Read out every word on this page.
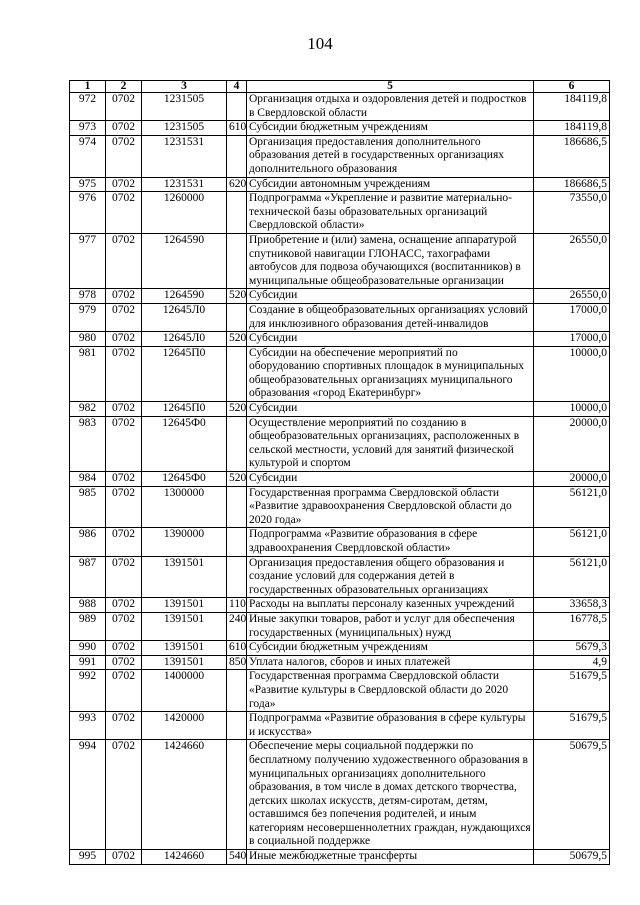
104
1	2	3	4	5	6
972	0702	1231505		Организация отдыха и оздоровления детей и подростков в Свердловской области	184119,8
973	0702	1231505	610	Субсидии бюджетным учреждениям	184119,8
974	0702	1231531		Организация предоставления дополнительного образования детей в государственных организациях дополнительного образования	186686,5
975	0702	1231531	620	Субсидии автономным учреждениям	186686,5
976	0702	1260000		Подпрограмма «Укрепление и развитие материально-технической базы образовательных организаций Свердловской области»	73550,0
977	0702	1264590		Приобретение и (или) замена, оснащение аппаратурой спутниковой навигации ГЛОНАСС, тахографами автобусов для подвоза обучающихся (воспитанников) в муниципальные общеобразовательные организации	26550,0
978	0702	1264590	520	Субсидии	26550,0
979	0702	12645Л0		Создание в общеобразовательных организациях условий для инклюзивного образования детей-инвалидов	17000,0
980	0702	12645Л0	520	Субсидии	17000,0
981	0702	12645П0		Субсидии на обеспечение мероприятий по оборудованию спортивных площадок в муниципальных общеобразовательных организациях муниципального образования «город Екатеринбург»	10000,0
982	0702	12645П0	520	Субсидии	10000,0
983	0702	12645Ф0		Осуществление мероприятий по созданию в общеобразовательных организациях, расположенных в сельской местности, условий для занятий физической культурой и спортом	20000,0
984	0702	12645Ф0	520	Субсидии	20000,0
985	0702	1300000		Государственная программа Свердловской области «Развитие здравоохранения Свердловской области до 2020 года»	56121,0
986	0702	1390000		Подпрограмма «Развитие образования в сфере здравоохранения Свердловской области»	56121,0
987	0702	1391501		Организация предоставления общего образования и создание условий для содержания детей в государственных образовательных организациях	56121,0
988	0702	1391501	110	Расходы на выплаты персоналу казенных учреждений	33658,3
989	0702	1391501	240	Иные закупки товаров, работ и услуг для обеспечения государственных (муниципальных) нужд	16778,5
990	0702	1391501	610	Субсидии бюджетным учреждениям	5679,3
991	0702	1391501	850	Уплата налогов, сборов и иных платежей	4,9
992	0702	1400000		Государственная программа Свердловской области «Развитие культуры в Свердловской области до 2020 года»	51679,5
993	0702	1420000		Подпрограмма «Развитие образования в сфере культуры и искусства»	51679,5
994	0702	1424660		Обеспечение меры социальной поддержки по бесплатному получению художественного образования в муниципальных организациях дополнительного образования, в том числе в домах детского творчества, детских школах искусств, детям-сиротам, детям, оставшимся без попечения родителей, и иным категориям несовершеннолетних граждан, нуждающихся в социальной поддержке	50679,5
995	0702	1424660	540	Иные межбюджетные трансферты	50679,5
